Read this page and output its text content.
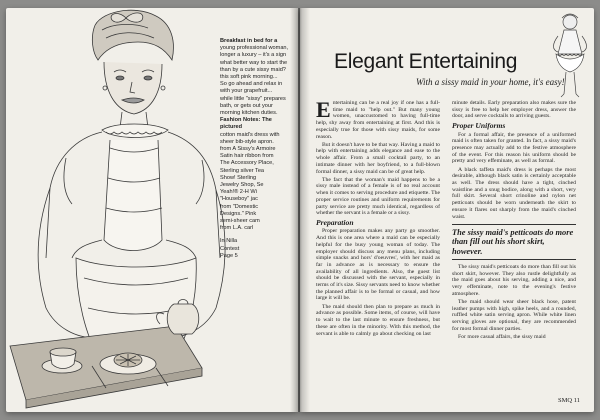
Breakfast in bed for a

young professional woman,

longer a luxury – it's a sign

what better way to start the

than by a cute sissy maid?

this soft pink morning...

So go ahead and relax in

with your grapefruit...

while little "sissy" prepares

bath, or gets out your

morning kitchen duties.

Fashion Notes: The pictured

cotton maid's dress with

sheer bib-style apron.

from A Sissy's Armoire

Satin hair ribbon from

The Accessory Place,

Sterling silver Tea

Show! Sterling

Jewelry Shop, Se

Yeah!® 2-H Wi

"Houseboy" jac

from "Domestic

Designs." Pink

semi-sheer cam

from L.A. carl

In Nilla

Contest

Page 5

Elegant Entertaining
With a sissy maid in your home, it's easy!

Entertaining can be a real joy if one has a full-time maid to "help out." But many young women, unaccustomed to having full-time help, shy away from entertaining at first. And this is especially true for those with sissy maids, for some reason.

But it doesn't have to be that way. Having a maid to help with entertaining adds elegance and ease to the whole affair. From a small cocktail party, to an intimate dinner with her boyfriend, to a full-blown formal dinner, a sissy maid can be of great help.

The fact that the woman's maid happens to be a sissy male instead of a female is of no real account when it comes to serving procedure and etiquette. The proper service routines and uniform requirements for party service are pretty much identical, regardless of whether the servant is a female or a sissy.

Preparation

Proper preparation makes any party go smoother. And this is one area where a maid can be especially helpful for the busy young woman of today. The employer should discuss any menu plans, including simple snacks and hors' d'oeuvres', with her maid as far in advance as is necessary to ensure the availability of all ingredients. Also, the guest list should be discussed with the servant, especially in terms of it's size. Sissy servants need to know whether the planned affair is to be formal or casual, and how large it will be.

The maid should then plan to prepare as much in advance as possible. Some items, of course, will have to wait to the last minute to ensure freshness, but these are often in the minority. With this method, the servant is able to calmly go about checking on last

minute details. Early preparation also makes sure the sissy is free to help her employer dress, answer the door, and serve cocktails to arriving guests.

Proper Uniforms

For a formal affair, the presence of a uniformed maid is often taken for granted. In fact, a sissy maid's presence may actually add to the festive atmosphere of the event. For this reason his uniform should be pretty and very effeminate, as well as formal.

A black taffeta maid's dress is perhaps the most desirable, although black satin is certainly acceptable as well. The dress should have a tight, cinched waistline and a snug bodice, along with a short, very full skirt. Several short crinoline and nylon net petticoats should be worn underneath the skirt to ensure it flares out sharply from the maid's cinched waist.

The sissy maid's petticoats do more than fill out his short skirt, however.

The sissy maid's petticoats do more than fill out his short skirt, however. They also rustle delightfully as the maid goes about his serving, adding a nice, and very effeminate, note to the evening's festive atmosphere.

The maid should wear sheer black hose, patent leather pumps with high, spike heels, and a rounded, ruffled white satin serving apron. While white linen serving gloves are optional, they are recommended for most formal dinner parties.

For more casual affairs, the sissy maid

SMQ 11
